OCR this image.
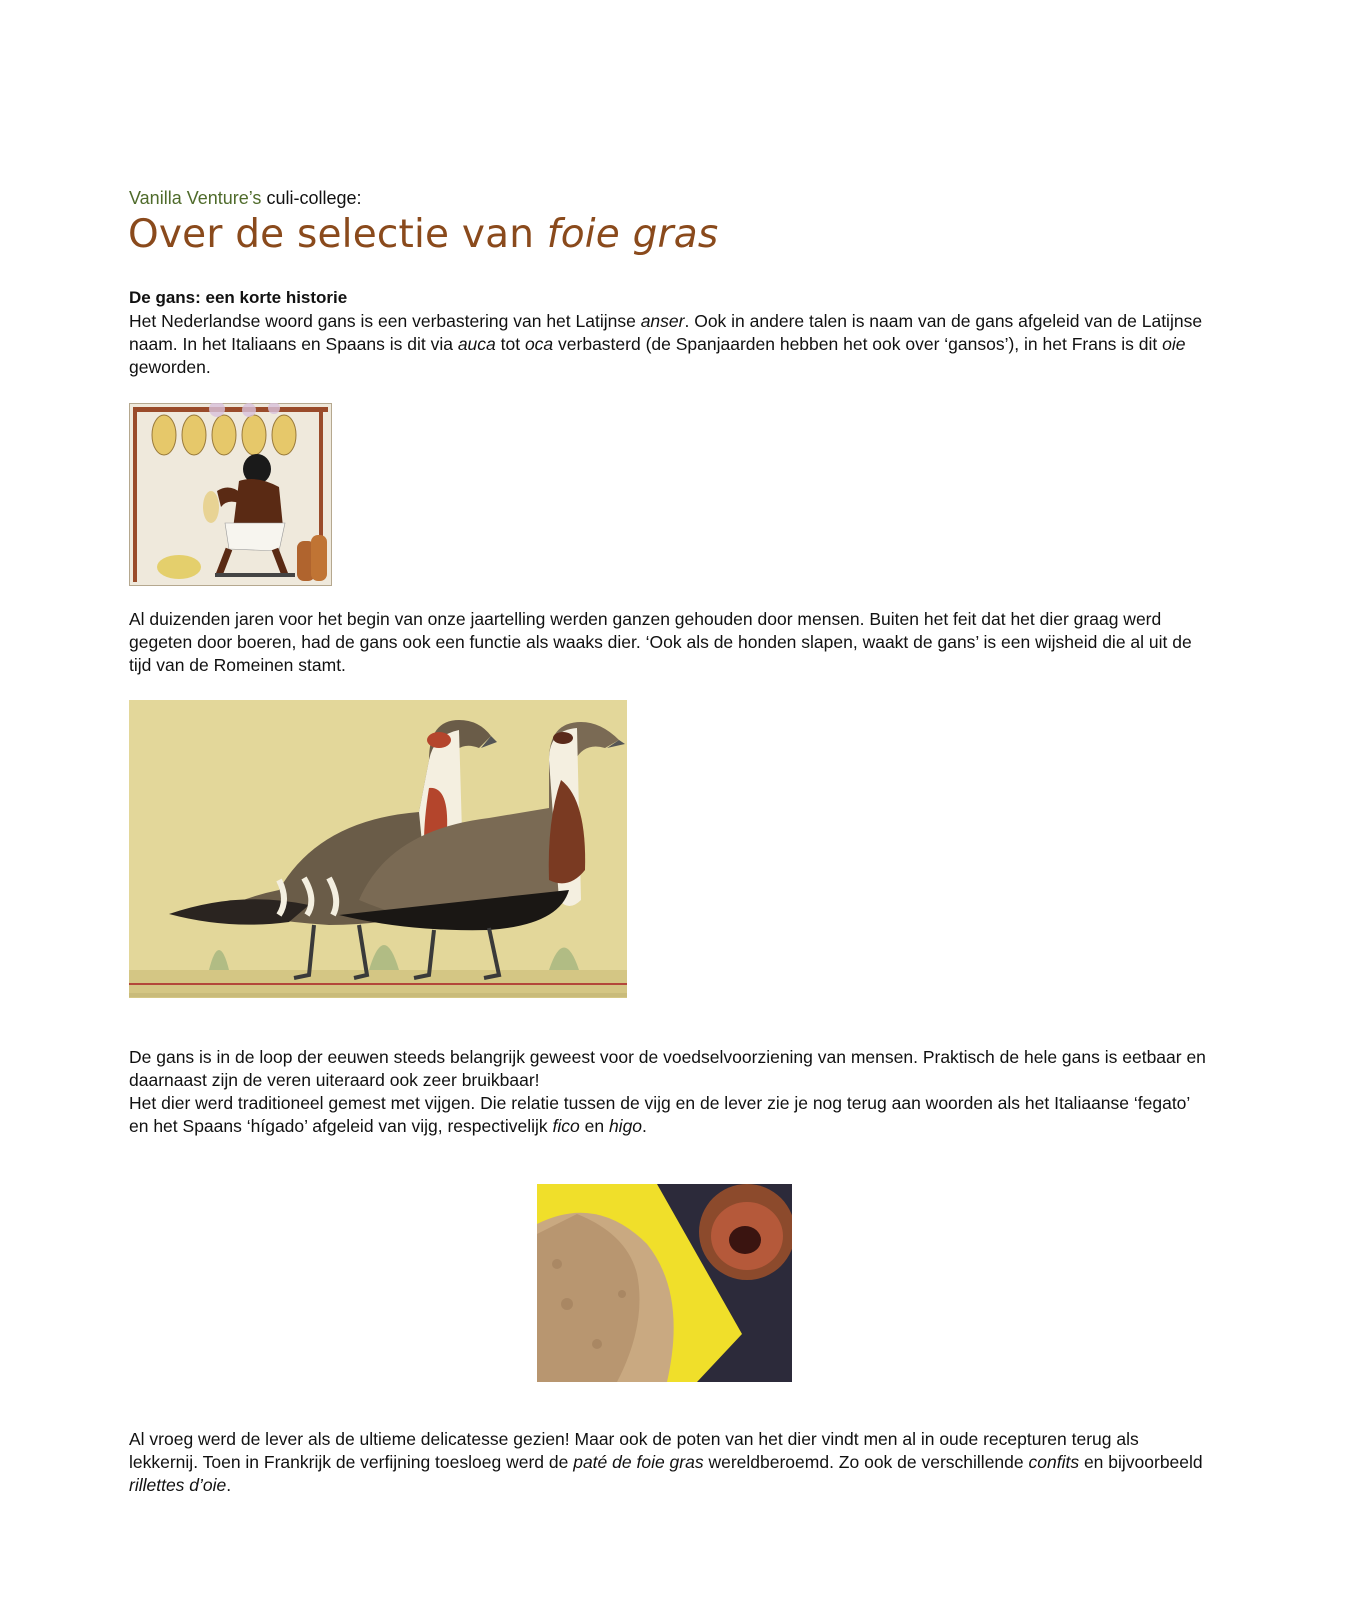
Vanilla Venture’s culi-college:
Over de selectie van foie gras
De gans: een korte historie

Het Nederlandse woord gans is een verbastering van het Latijnse anser. Ook in andere talen is naam van de gans afgeleid van de Latijnse naam. In het Italiaans en Spaans is dit via auca tot oca verbasterd (de Spanjaarden hebben het ook over ‘gansos’), in het Frans is dit oie geworden.

Al duizenden jaren voor het begin van onze jaartelling werden ganzen gehouden door mensen. Buiten het feit dat het dier graag werd gegeten door boeren, had de gans ook een functie als waaks dier. ‘Ook als de honden slapen, waakt de gans’ is een wijsheid die al uit de tijd van de Romeinen stamt.

De gans is in de loop der eeuwen steeds belangrijk geweest voor de voedselvoorziening van mensen. Praktisch de hele gans is eetbaar en daarnaast zijn de veren uiteraard ook zeer bruikbaar!
Het dier werd traditioneel gemest met vijgen. Die relatie tussen de vijg en de lever zie je nog terug aan woorden als het Italiaanse ‘fegato’ en het Spaans ‘hígado’ afgeleid van vijg, respectivelijk fico en higo.

Al vroeg werd de lever als de ultieme delicatesse gezien! Maar ook de poten van het dier vindt men al in oude recepturen terug als lekkernij. Toen in Frankrijk de verfijning toesloeg werd de paté de foie gras wereldberoemd. Zo ook de verschillende confits en bijvoorbeeld rillettes d’oie.
